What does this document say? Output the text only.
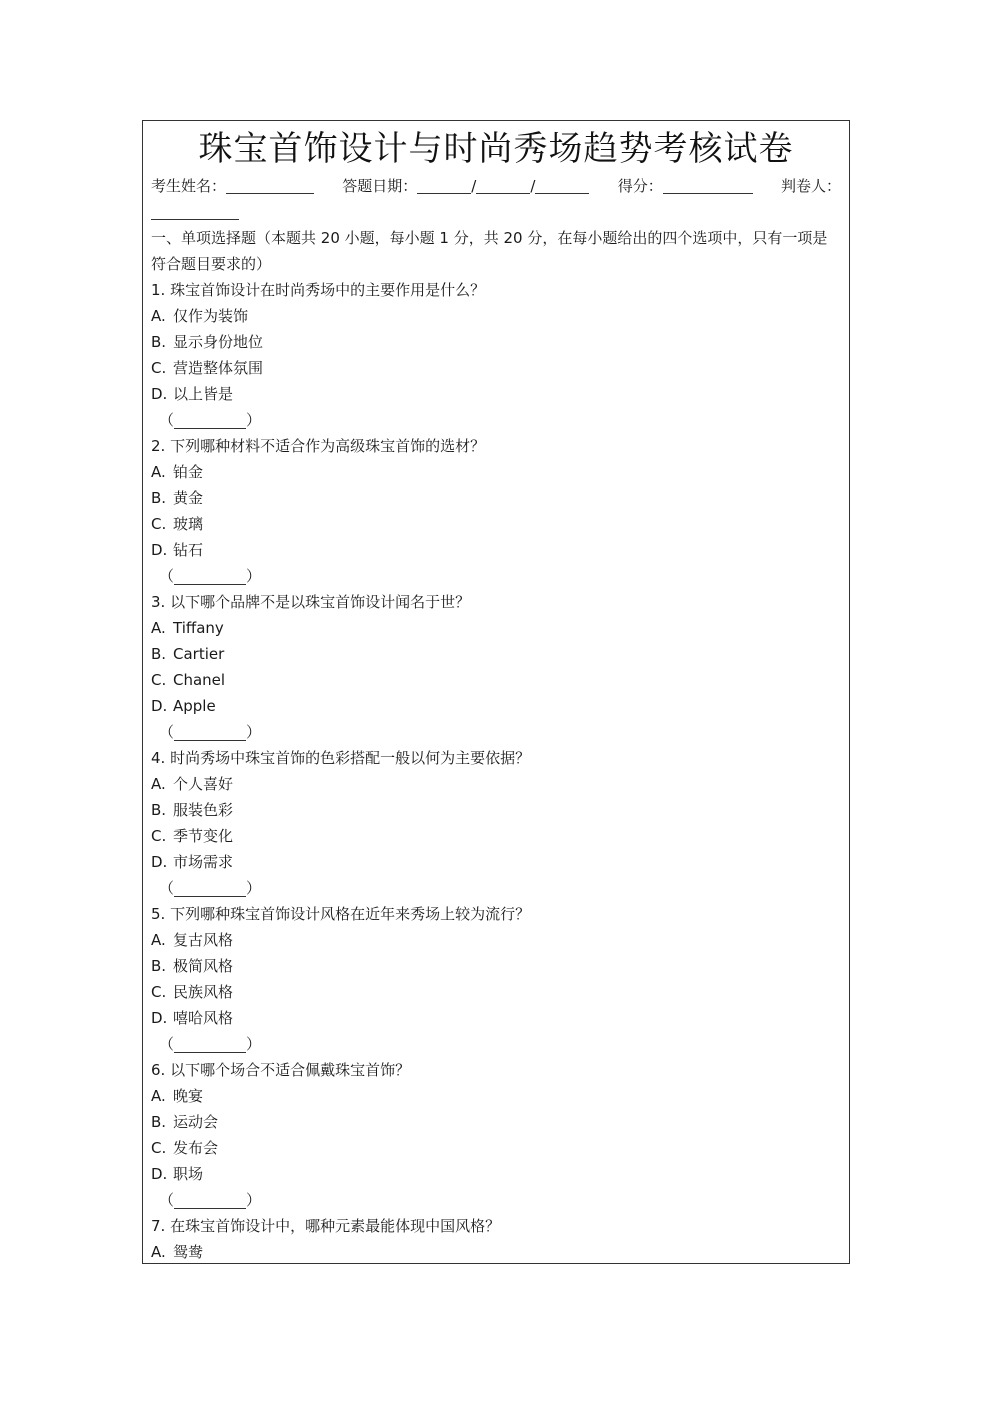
珠宝首饰设计与时尚秀场趋势考核试卷
考生姓名：	答题日期：	/	/	得分：	判卷人：
一、单项选择题（本题共 20 小题，每小题 1 分，共 20 分，在每小题给出的四个选项中，只有一项是符合题目要求的）
1. 珠宝首饰设计在时尚秀场中的主要作用是什么？
A. 仅作为装饰
B. 显示身份地位
C. 营造整体氛围
D. 以上皆是
（	）
2. 下列哪种材料不适合作为高级珠宝首饰的选材？
A. 铂金
B. 黄金
C. 玻璃
D. 钻石
（	）
3. 以下哪个品牌不是以珠宝首饰设计闻名于世？
A. Tiffany
B. Cartier
C. Chanel
D. Apple
（	）
4. 时尚秀场中珠宝首饰的色彩搭配一般以何为主要依据？
A. 个人喜好
B. 服装色彩
C. 季节变化
D. 市场需求
（	）
5. 下列哪种珠宝首饰设计风格在近年来秀场上较为流行？
A. 复古风格
B. 极简风格
C. 民族风格
D. 嘻哈风格
（	）
6. 以下哪个场合不适合佩戴珠宝首饰？
A. 晚宴
B. 运动会
C. 发布会
D. 职场
（	）
7. 在珠宝首饰设计中，哪种元素最能体现中国风格？
A. 鸳鸯
